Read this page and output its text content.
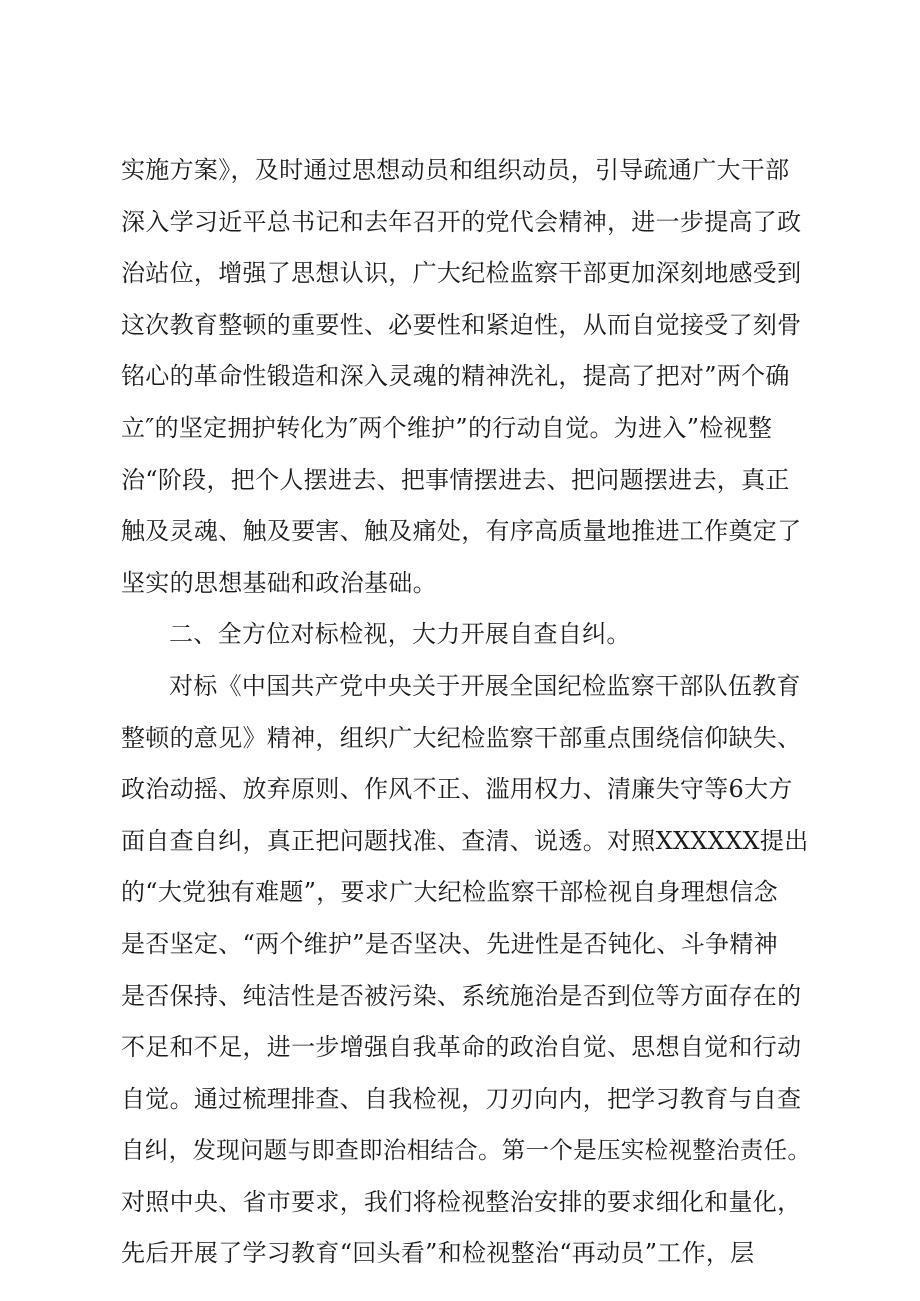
实施方案》，及时通过思想动员和组织动员，引导疏通广大干部
深入学习近平总书记和去年召开的党代会精神，进一步提高了政
治站位，增强了思想认识，广大纪检监察干部更加深刻地感受到
这次教育整顿的重要性、必要性和紧迫性，从而自觉接受了刻骨
铭心的革命性锻造和深入灵魂的精神洗礼，提高了把对”两个确
立″的坚定拥护转化为″两个维护”的行动自觉。为进入”检视整
治“阶段，把个人摆进去、把事情摆进去、把问题摆进去，真正
触及灵魂、触及要害、触及痛处，有序高质量地推进工作奠定了
坚实的思想基础和政治基础。
二、全方位对标检视，大力开展自查自纠。
对标《中国共产党中央关于开展全国纪检监察干部队伍教育
整顿的意见》精神，组织广大纪检监察干部重点围绕信仰缺失、
政治动摇、放弃原则、作风不正、滥用权力、清廉失守等6大方
面自查自纠，真正把问题找准、查清、说透。对照XXXXXX提出
的“大党独有难题”，要求广大纪检监察干部检视自身理想信念
是否坚定、“两个维护”是否坚决、先进性是否钝化、斗争精神
是否保持、纯洁性是否被污染、系统施治是否到位等方面存在的
不足和不足，进一步增强自我革命的政治自觉、思想自觉和行动
自觉。通过梳理排查、自我检视，刀刃向内，把学习教育与自查
自纠，发现问题与即查即治相结合。第一个是压实检视整治责任。
对照中央、省市要求，我们将检视整治安排的要求细化和量化，
先后开展了学习教育“回头看”和检视整治“再动员”工作，层
